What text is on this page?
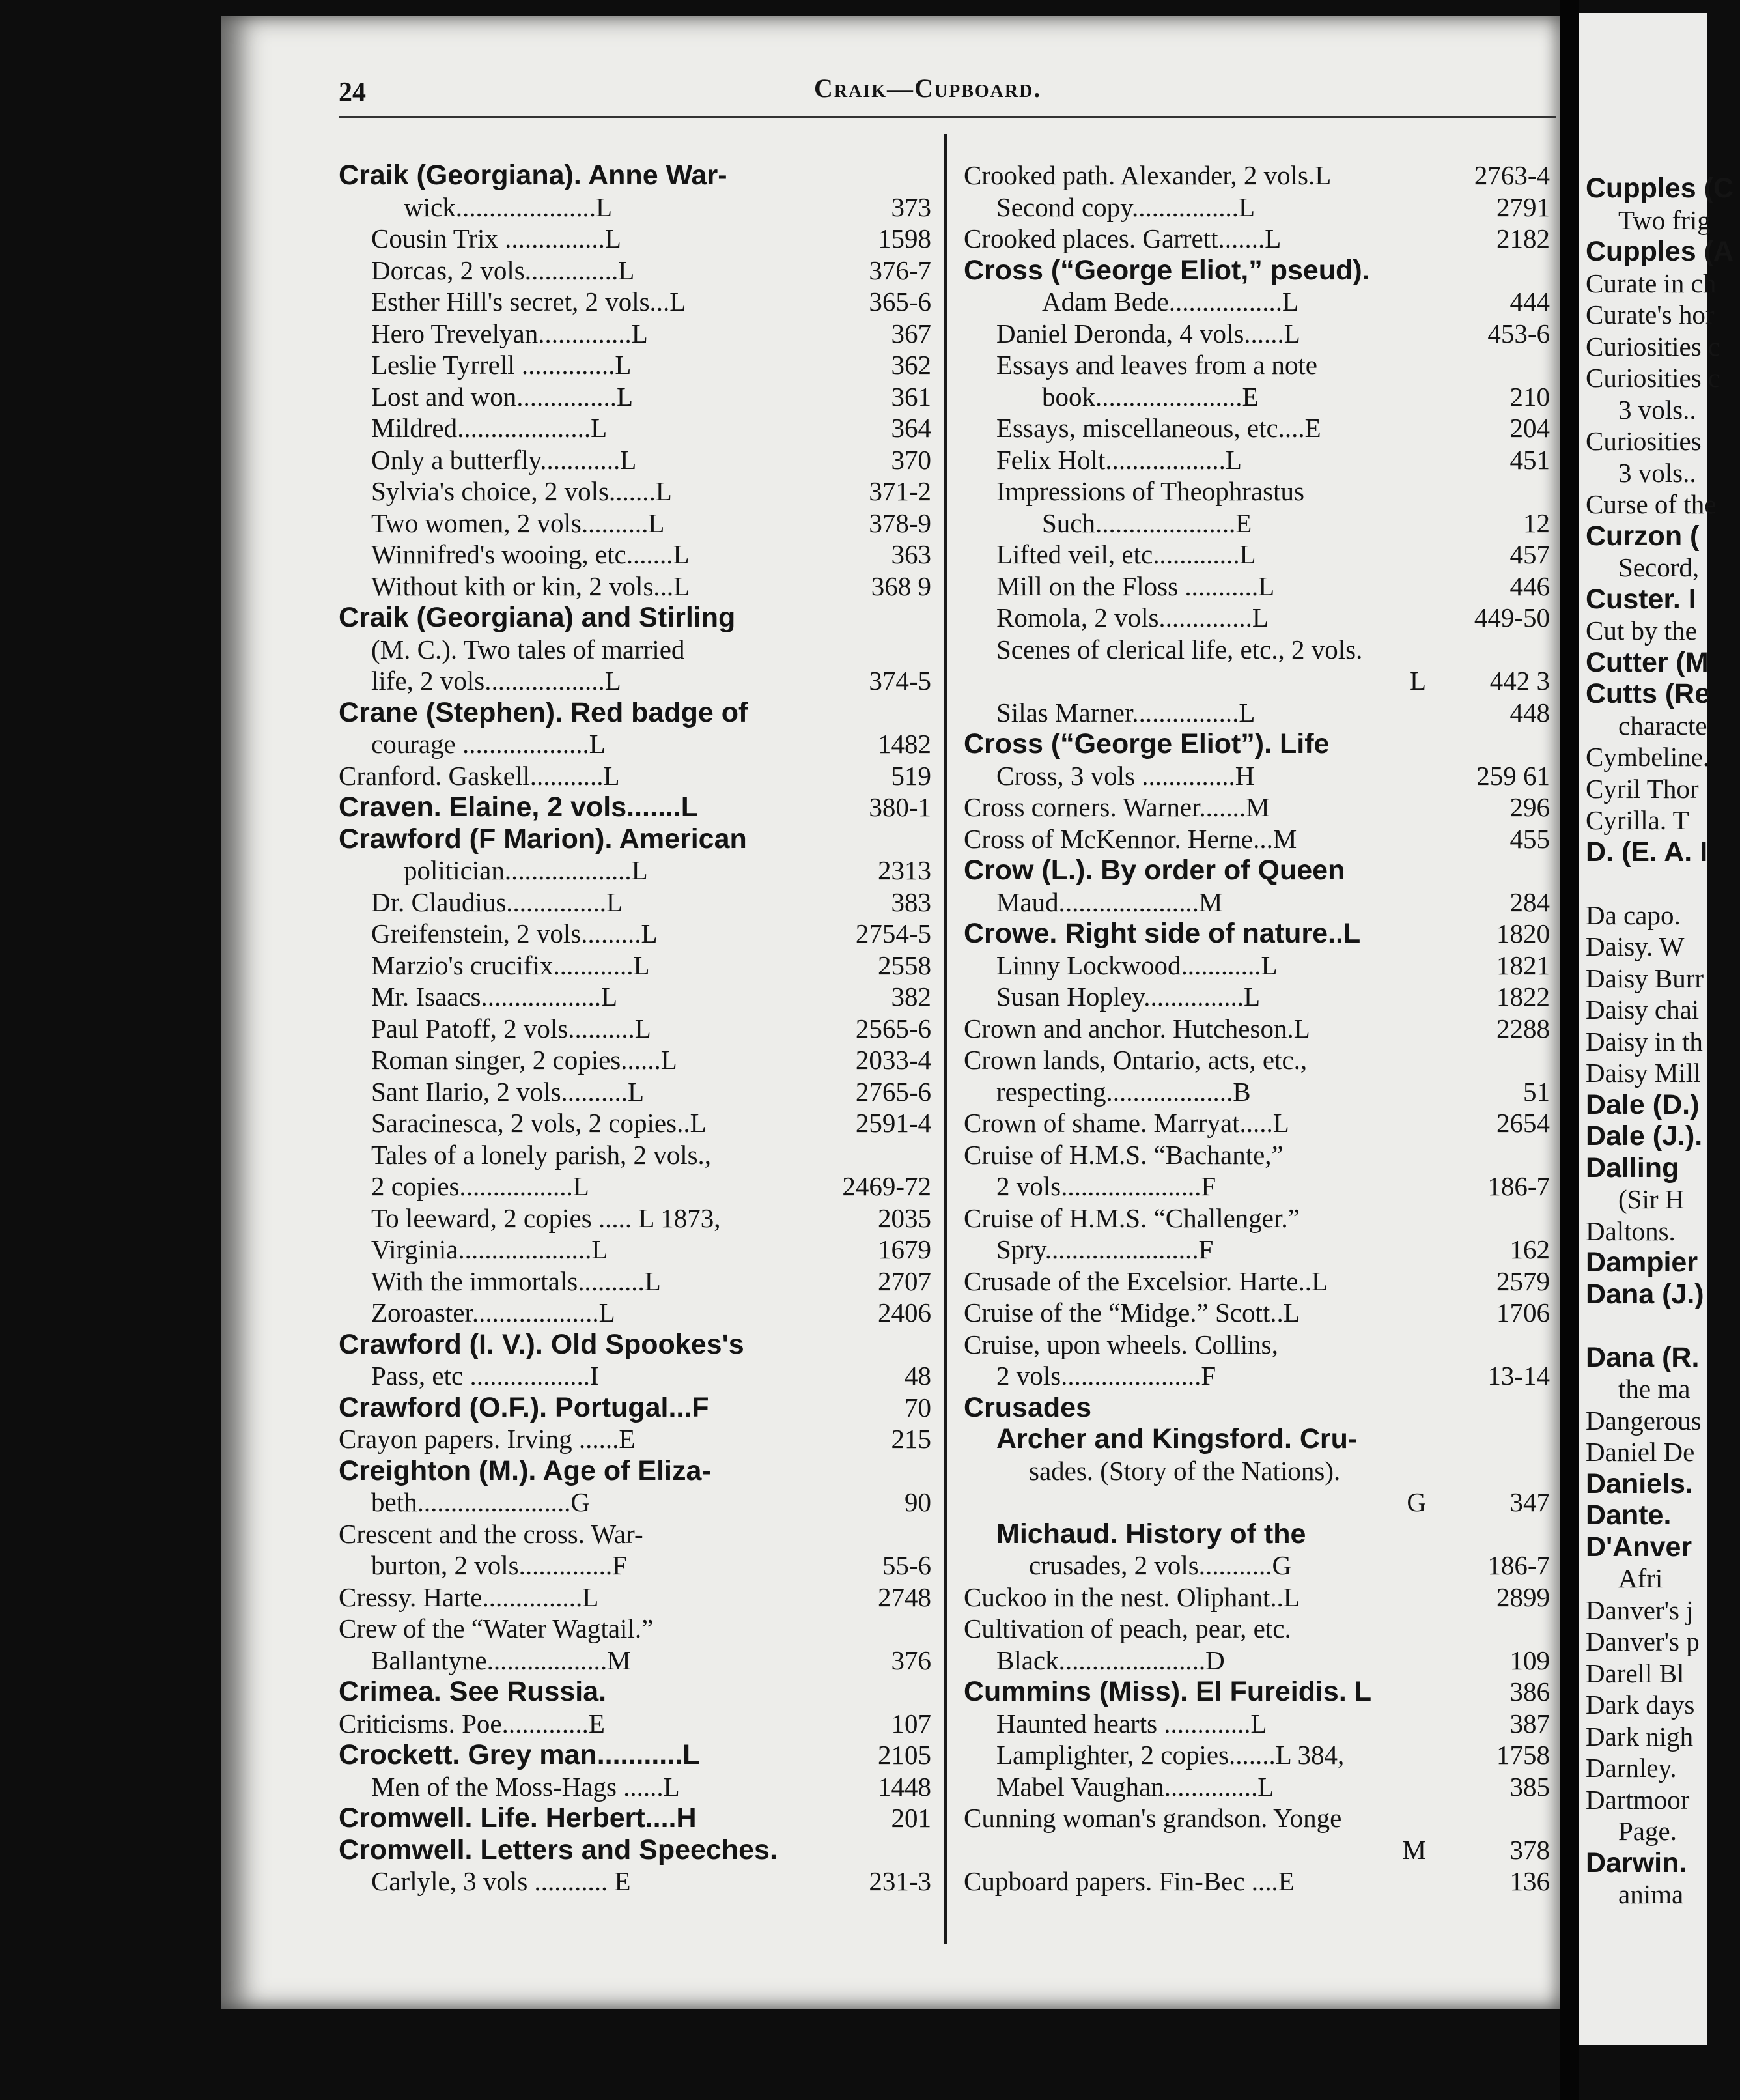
Cupples (C
Two frig
Cupples (A
Curate in ch
Curate's hor
Curiosities c
Curiosities c
3 vols..
Curiosities
3 vols..
Curse of the
Curzon (
Secord,
Custer. I
Cut by the
Cutter (M
Cutts (Re
characte
Cymbeline.
Cyril Thor
Cyrilla. T
D. (E. A. I
Da capo.
Daisy. W
Daisy Burr
Daisy chai
Daisy in th
Daisy Mill
Dale (D.)
Dale (J.).
Dalling
(Sir H
Daltons.
Dampier
Dana (J.)
Dana (R.
the ma
Dangerous
Daniel De
Daniels.
Dante.
D'Anver
Afri
Danver's j
Danver's p
Darell Bl
Dark days
Dark nigh
Darnley.
Dartmoor
Page.
Darwin.
anima
24	Craik—Cupboard.
Craik (Georgiana). Anne War-
wick.....................L	373
Cousin Trix ...............L	1598
Dorcas, 2 vols..............L	376-7
Esther Hill's secret, 2 vols...L	365-6
Hero Trevelyan..............L	367
Leslie Tyrrell ..............L	362
Lost and won...............L	361
Mildred....................L	364
Only a butterfly............L	370
Sylvia's choice, 2 vols.......L	371-2
Two women, 2 vols..........L	378-9
Winnifred's wooing, etc.......L	363
Without kith or kin, 2 vols...L	368 9
Craik (Georgiana) and Stirling
(M. C.). Two tales of married
life, 2 vols..................L	374-5
Crane (Stephen). Red badge of
courage ...................L	1482
Cranford. Gaskell...........L	519
Craven. Elaine, 2 vols.......L	380-1
Crawford (F Marion). American
politician...................L	2313
Dr. Claudius...............L	383
Greifenstein, 2 vols.........L	2754-5
Marzio's crucifix............L	2558
Mr. Isaacs..................L	382
Paul Patoff, 2 vols..........L	2565-6
Roman singer, 2 copies......L	2033-4
Sant Ilario, 2 vols..........L	2765-6
Saracinesca, 2 vols, 2 copies..L	2591-4
Tales of a lonely parish, 2 vols.,
2 copies.................L	2469-72
To leeward, 2 copies ..... L 1873,	2035
Virginia....................L	1679
With the immortals..........L	2707
Zoroaster...................L	2406
Crawford (I. V.). Old Spookes's
Pass, etc ..................I	48
Crawford (O.F.). Portugal...F	70
Crayon papers. Irving ......E	215
Creighton (M.). Age of Eliza-
beth.......................G	90
Crescent and the cross. War-
burton, 2 vols..............F	55-6
Cressy. Harte...............L	2748
Crew of the “Water Wagtail.”
Ballantyne..................M	376
Crimea. See Russia.
Criticisms. Poe.............E	107
Crockett. Grey man...........L	2105
Men of the Moss-Hags ......L	1448
Cromwell. Life. Herbert....H	201
Cromwell. Letters and Speeches.
Carlyle, 3 vols ........... E	231-3
Crooked path. Alexander, 2 vols.L	2763-4
Second copy................L	2791
Crooked places. Garrett.......L	2182
Cross (“George Eliot,” pseud).
Adam Bede.................L	444
Daniel Deronda, 4 vols......L	453-6
Essays and leaves from a note
book......................E	210
Essays, miscellaneous, etc....E	204
Felix Holt..................L	451
Impressions of Theophrastus
Such.....................E	12
Lifted veil, etc.............L	457
Mill on the Floss ...........L	446
Romola, 2 vols..............L	449-50
Scenes of clerical life, etc., 2 vols.
L	442 3
Silas Marner................L	448
Cross (“George Eliot”). Life
Cross, 3 vols ..............H	259 61
Cross corners. Warner.......M	296
Cross of McKennor. Herne...M	455
Crow (L.). By order of Queen
Maud.....................M	284
Crowe. Right side of nature..L	1820
Linny Lockwood............L	1821
Susan Hopley...............L	1822
Crown and anchor. Hutcheson.L	2288
Crown lands, Ontario, acts, etc.,
respecting...................B	51
Crown of shame. Marryat.....L	2654
Cruise of H.M.S. “Bachante,”
2 vols.....................F	186-7
Cruise of H.M.S. “Challenger.”
Spry.......................F	162
Crusade of the Excelsior. Harte..L	2579
Cruise of the “Midge.” Scott..L	1706
Cruise, upon wheels. Collins,
2 vols.....................F	13-14
Crusades
Archer and Kingsford. Cru-
sades. (Story of the Nations).
G	347
Michaud. History of the
crusades, 2 vols...........G	186-7
Cuckoo in the nest. Oliphant..L	2899
Cultivation of peach, pear, etc.
Black......................D	109
Cummins (Miss). El Fureidis. L	386
Haunted hearts .............L	387
Lamplighter, 2 copies.......L 384,	1758
Mabel Vaughan..............L	385
Cunning woman's grandson. Yonge
M	378
Cupboard papers. Fin-Bec ....E	136
